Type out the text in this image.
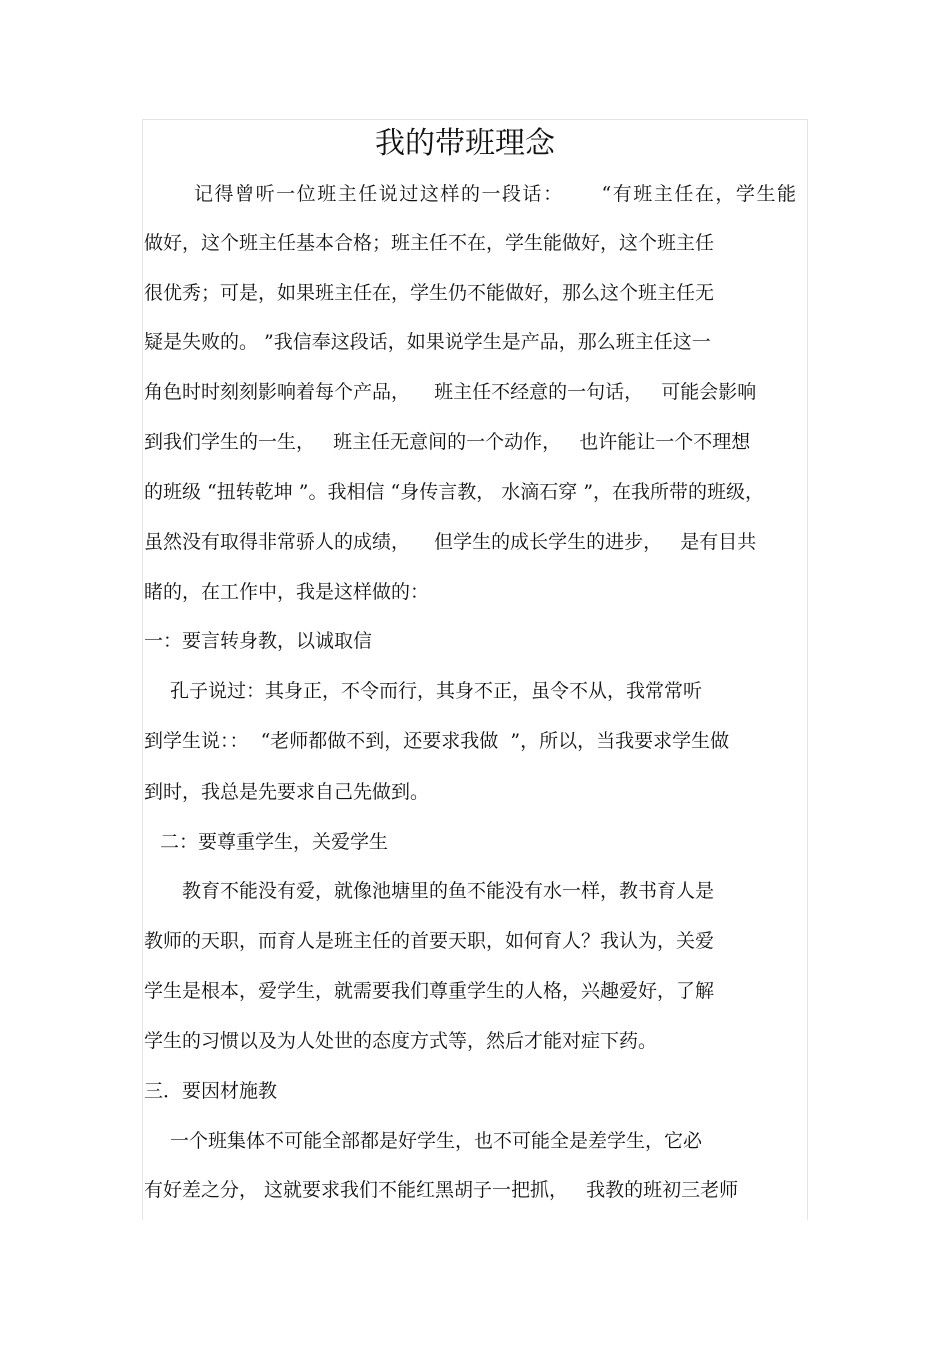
我的带班理念
记得曾听一位班主任说过这样的一段话：     “有班主任在，学生能
做好，这个班主任基本合格；班主任不在，学生能做好，这个班主任
很优秀；可是，如果班主任在，学生仍不能做好，那么这个班主任无
疑是失败的。 ”我信奉这段话，如果说学生是产品，那么班主任这一
角色时时刻刻影响着每个产品，    班主任不经意的一句话，   可能会影响
到我们学生的一生，   班主任无意间的一个动作，   也许能让一个不理想
的班级 “扭转乾坤 ”。我相信 “身传言教， 水滴石穿 ”，在我所带的班级，
虽然没有取得非常骄人的成绩，    但学生的成长学生的进步，   是有目共
睹的，在工作中，我是这样做的：
一：要言转身教，以诚取信
孔子说过：其身正，不令而行，其身不正，虽令不从，我常常听
到学生说：：  “老师都做不到，还要求我做  ”，所以，当我要求学生做
到时，我总是先要求自己先做到。
二：要尊重学生，关爱学生
教育不能没有爱，就像池塘里的鱼不能没有水一样，教书育人是
教师的天职，而育人是班主任的首要天职，如何育人？我认为，关爱
学生是根本，爱学生，就需要我们尊重学生的人格，兴趣爱好，了解
学生的习惯以及为人处世的态度方式等，然后才能对症下药。
三．要因材施教
一个班集体不可能全部都是好学生，也不可能全是差学生，它必
有好差之分， 这就要求我们不能红黑胡子一把抓，   我教的班初三老师
